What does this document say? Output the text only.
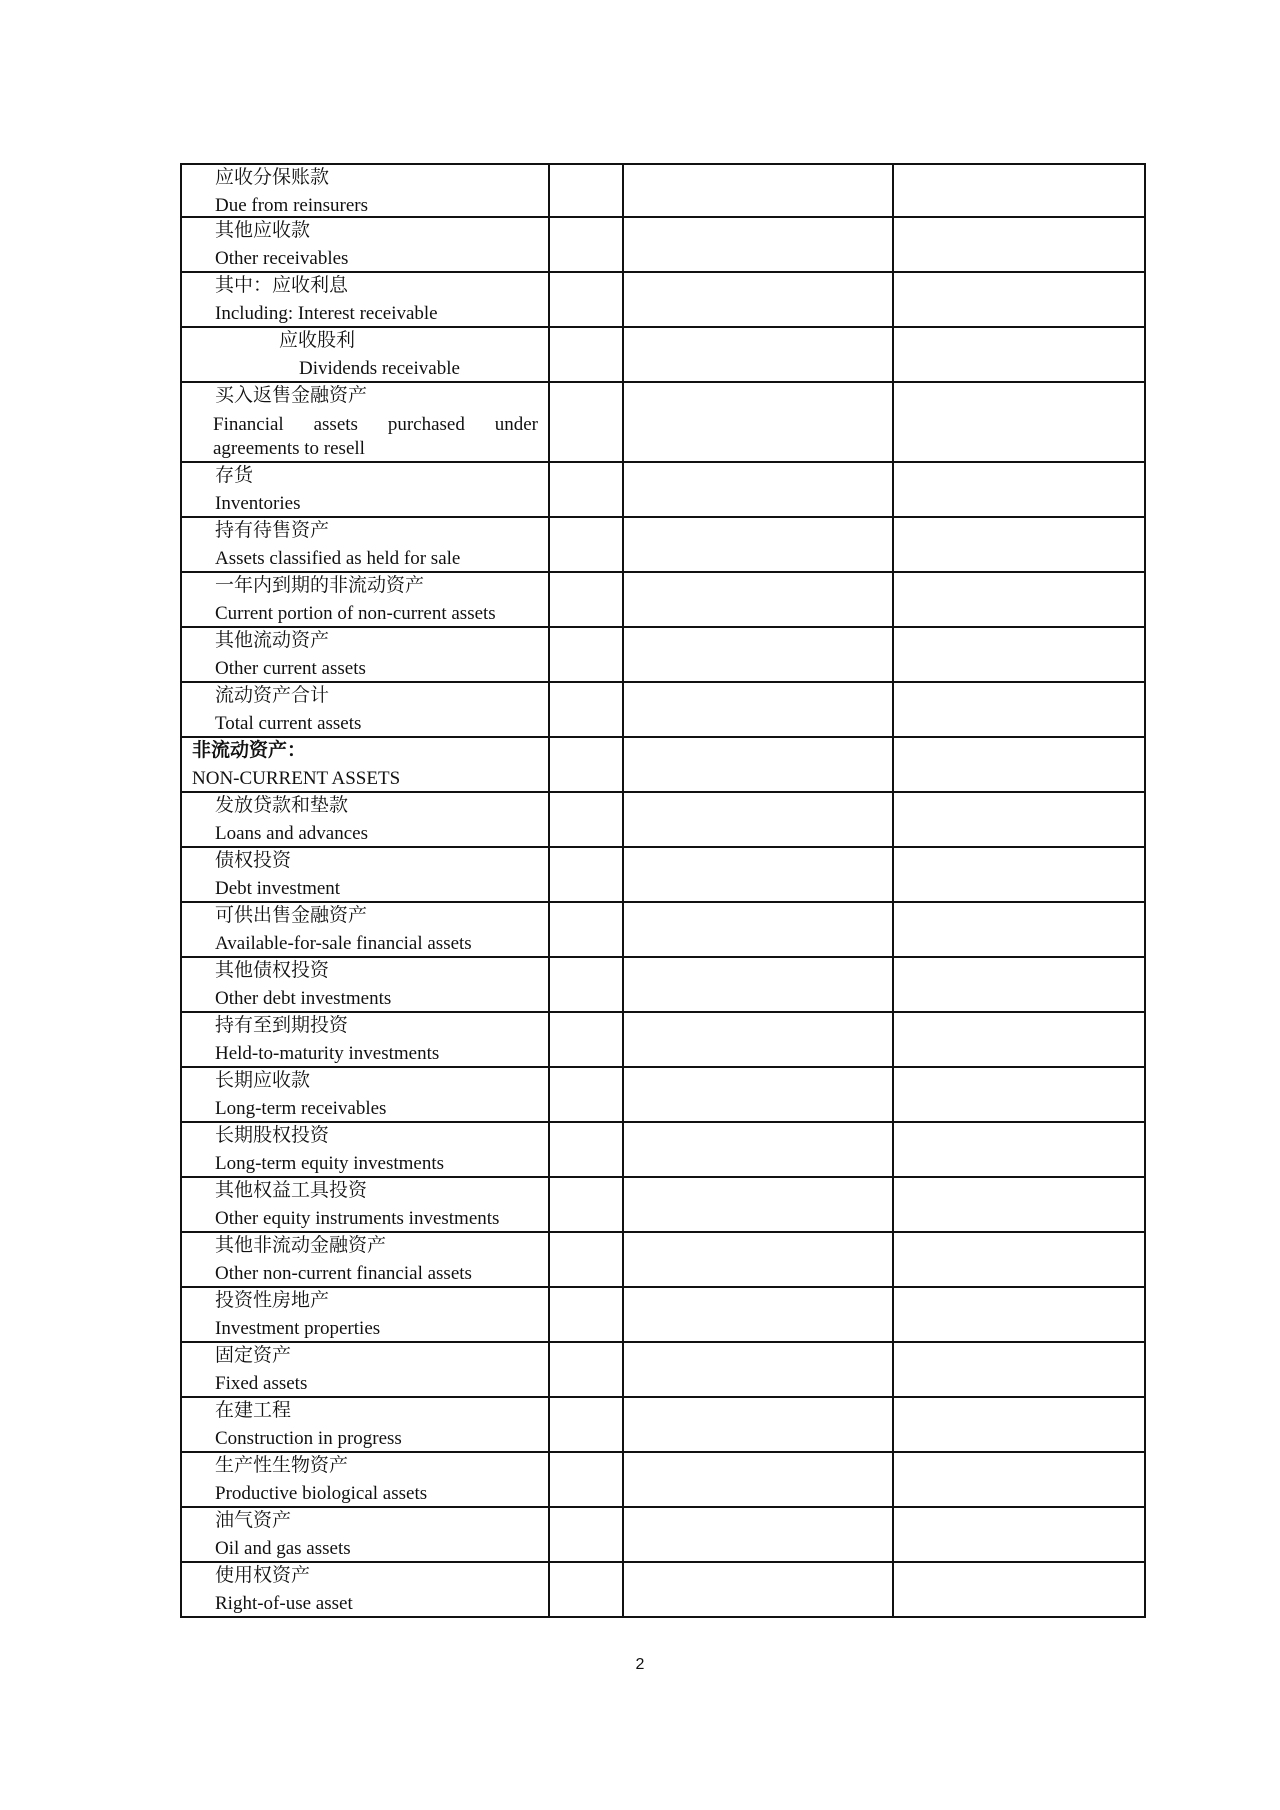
应收分保账款
Due from reinsurers
其他应收款
Other receivables
其中：应收利息
Including: Interest receivable
应收股利
Dividends receivable
买入返售金融资产
Financial assets purchased under agreements to resell
存货
Inventories
持有待售资产
Assets classified as held for sale
一年内到期的非流动资产
Current portion of non-current assets
其他流动资产
Other current assets
流动资产合计
Total current assets
非流动资产：
NON-CURRENT ASSETS
发放贷款和垫款
Loans and advances
债权投资
Debt investment
可供出售金融资产
Available-for-sale financial assets
其他债权投资
Other debt investments
持有至到期投资
Held-to-maturity investments
长期应收款
Long-term receivables
长期股权投资
Long-term equity investments
其他权益工具投资
Other equity instruments investments
其他非流动金融资产
Other non-current financial assets
投资性房地产
Investment properties
固定资产
Fixed assets
在建工程
Construction in progress
生产性生物资产
Productive biological assets
油气资产
Oil and gas assets
使用权资产
Right-of-use asset
2
